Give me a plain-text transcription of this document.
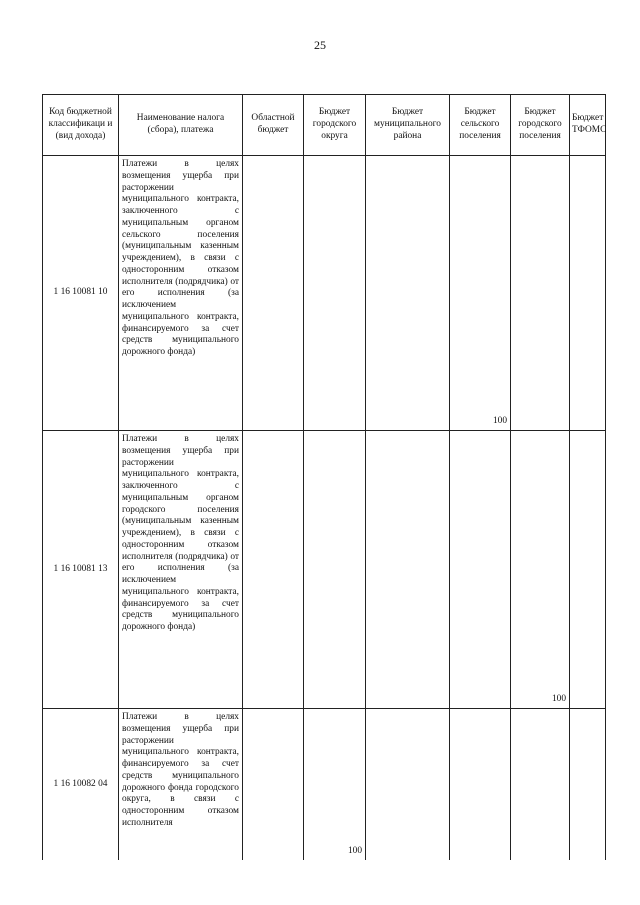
25
Код бюджетной классификаци и (вид дохода)	Наименование налога (сбора), платежа	Областной бюджет	Бюджет городского округа	Бюджет муниципального района	Бюджет сельского поселения	Бюджет городского поселения	Бюджет ТФОМС
1 16 10081 10	Платежи в целях возмещения ущерба при расторжении муниципального контракта, заключенного с муниципальным органом сельского поселения (муниципальным казенным учреждением), в связи с односторонним отказом исполнителя (подрядчика) от его исполнения (за исключением муниципального контракта, финансируемого за счет средств муниципального дорожного фонда)				100		
1 16 10081 13	Платежи в целях возмещения ущерба при расторжении муниципального контракта, заключенного с муниципальным органом городского поселения (муниципальным казенным учреждением), в связи с односторонним отказом исполнителя (подрядчика) от его исполнения (за исключением муниципального контракта, финансируемого за счет средств муниципального дорожного фонда)					100	
1 16 10082 04	Платежи в целях возмещения ущерба при расторжении муниципального контракта, финансируемого за счет средств муниципального дорожного фонда городского округа, в связи с односторонним отказом исполнителя		100				
